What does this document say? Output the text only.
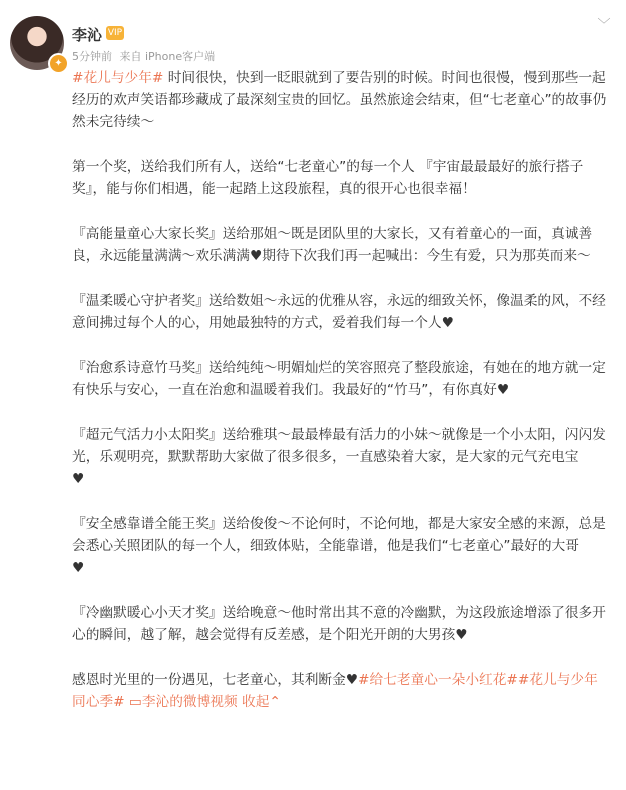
✦
李沁 VIP
5分钟前 来自 iPhone客户端
﹀

#花儿与少年# 时间很快，快到一眨眼就到了要告别的时候。时间也很慢，慢到那些一起经历的欢声笑语都珍藏成了最深刻宝贵的回忆。虽然旅途会结束，但“七老童心”的故事仍然未完待续～

第一个奖，送给我们所有人，送给“七老童心”的每一个人 『宇宙最最最好的旅行搭子奖』，能与你们相遇，能一起踏上这段旅程，真的很开心也很幸福！

『高能量童心大家长奖』送给那姐～既是团队里的大家长，又有着童心的一面，真诚善良，永远能量满满～欢乐满满♥期待下次我们再一起喊出：今生有爱，只为那英而来～

『温柔暖心守护者奖』送给数姐～永远的优雅从容，永远的细致关怀，像温柔的风，不经意间拂过每个人的心，用她最独特的方式，爱着我们每一个人♥

『治愈系诗意竹马奖』送给纯纯～明媚灿烂的笑容照亮了整段旅途，有她在的地方就一定有快乐与安心，一直在治愈和温暖着我们。我最好的“竹马”，有你真好♥

『超元气活力小太阳奖』送给雅琪～最最棒最有活力的小妹～就像是一个小太阳，闪闪发光，乐观明亮，默默帮助大家做了很多很多，一直感染着大家，是大家的元气充电宝
♥

『安全感靠谱全能王奖』送给俊俊～不论何时，不论何地，都是大家安全感的来源，总是会悉心关照团队的每一个人，细致体贴，全能靠谱，他是我们“七老童心”最好的大哥
♥

『冷幽默暖心小天才奖』送给晚意～他时常出其不意的冷幽默，为这段旅途增添了很多开心的瞬间，越了解，越会觉得有反差感，是个阳光开朗的大男孩♥

感恩时光里的一份遇见，七老童心，其利断金♥#给七老童心一朵小红花##花儿与少年同心季# ▭李沁的微博视频 收起⌃
